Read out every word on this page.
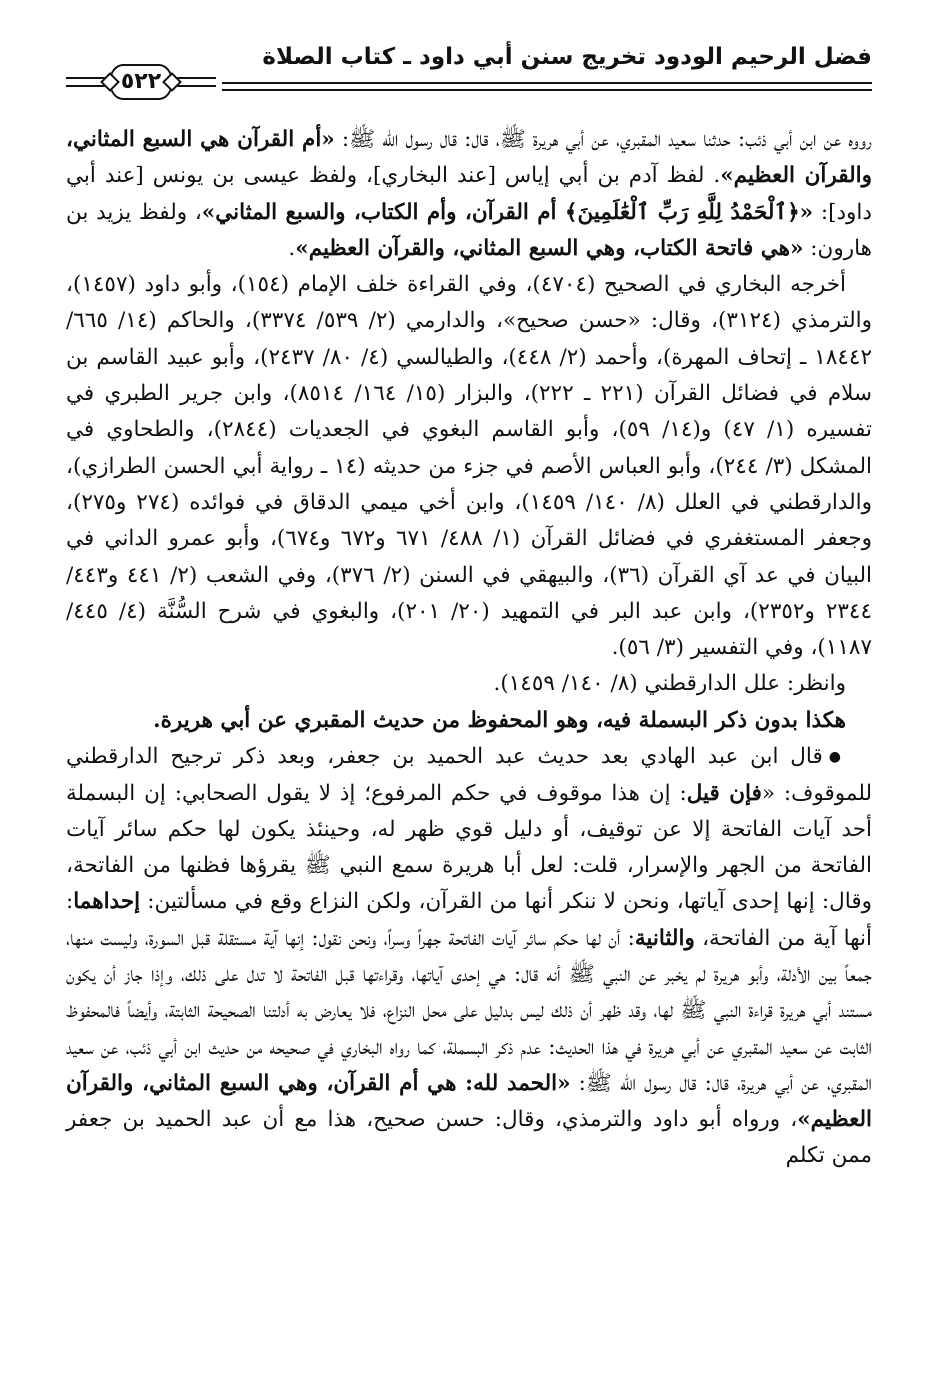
فضل الرحيم الودود تخريج سنن أبي داود ـ كتاب الصلاة
٥٢٢

رووه عن ابن أبي ذئب: حدثنا سعيد المقبري، عن أبي هريرة ﷺ، قال: قال رسول الله ﷺ: «أم القرآن هي السبع المثاني، والقرآن العظيم». لفظ آدم بن أبي إياس [عند البخاري]، ولفظ عيسى بن يونس [عند أبي داود]: «﴿ٱلْحَمْدُ لِلَّهِ رَبِّ ٱلْعَٰلَمِينَ﴾ أم القرآن، وأم الكتاب، والسبع المثاني»، ولفظ يزيد بن هارون: «هي فاتحة الكتاب، وهي السبع المثاني، والقرآن العظيم».

أخرجه البخاري في الصحيح (٤٧٠٤)، وفي القراءة خلف الإمام (١٥٤)، وأبو داود (١٤٥٧)، والترمذي (٣١٢٤)، وقال: «حسن صحيح»، والدارمي (٢/ ٥٣٩/ ٣٣٧٤)، والحاكم (١٤/ ٦٦٥/ ١٨٤٤٢ ـ إتحاف المهرة)، وأحمد (٢/ ٤٤٨)، والطيالسي (٤/ ٨٠/ ٢٤٣٧)، وأبو عبيد القاسم بن سلام في فضائل القرآن (٢٢١ ـ ٢٢٢)، والبزار (١٥/ ١٦٤/ ٨٥١٤)، وابن جرير الطبري في تفسيره (١/ ٤٧) و(١٤/ ٥٩)، وأبو القاسم البغوي في الجعديات (٢٨٤٤)، والطحاوي في المشكل (٣/ ٢٤٤)، وأبو العباس الأصم في جزء من حديثه (١٤ ـ رواية أبي الحسن الطرازي)، والدارقطني في العلل (٨/ ١٤٠/ ١٤٥٩)، وابن أخي ميمي الدقاق في فوائده (٢٧٤ و٢٧٥)، وجعفر المستغفري في فضائل القرآن (١/ ٤٨٨/ ٦٧١ و٦٧٢ و٦٧٤)، وأبو عمرو الداني في البيان في عد آي القرآن (٣٦)، والبيهقي في السنن (٢/ ٣٧٦)، وفي الشعب (٢/ ٤٤١ و٤٤٣/ ٢٣٤٤ و٢٣٥٢)، وابن عبد البر في التمهيد (٢٠/ ٢٠١)، والبغوي في شرح السُّنَّة (٤/ ٤٤٥/ ١١٨٧)، وفي التفسير (٣/ ٥٦).

وانظر: علل الدارقطني (٨/ ١٤٠/ ١٤٥٩).

هكذا بدون ذكر البسملة فيه، وهو المحفوظ من حديث المقبري عن أبي هريرة.

●قال ابن عبد الهادي بعد حديث عبد الحميد بن جعفر، وبعد ذكر ترجيح الدارقطني للموقوف: «فإن قيل: إن هذا موقوف في حكم المرفوع؛ إذ لا يقول الصحابي: إن البسملة أحد آيات الفاتحة إلا عن توقيف، أو دليل قوي ظهر له، وحينئذ يكون لها حكم سائر آيات الفاتحة من الجهر والإسرار، قلت: لعل أبا هريرة سمع النبي ﷺ يقرؤها فظنها من الفاتحة، وقال: إنها إحدى آياتها، ونحن لا ننكر أنها من القرآن، ولكن النزاع وقع في مسألتين: إحداهما: أنها آية من الفاتحة، والثانية: أن لها حكم سائر آيات الفاتحة جهراً وسراً، ونحن نقول: إنها آية مستقلة قبل السورة، وليست منها، جمعاً بين الأدلة، وأبو هريرة لم يخبر عن النبي ﷺ أنه قال: هي إحدى آياتها، وقراءتها قبل الفاتحة لا تدل على ذلك، وإذا جاز أن يكون مستند أبي هريرة قراءة النبي ﷺ لها، وقد ظهر أن ذلك ليس بدليل على محل النزاع، فلا يعارض به أدلتنا الصحيحة الثابتة، وأيضاً فالمحفوظ الثابت عن سعيد المقبري عن أبي هريرة في هذا الحديث: عدم ذكر البسملة، كما رواه البخاري في صحيحه من حديث ابن أبي ذئب، عن سعيد المقبري، عن أبي هريرة، قال: قال رسول الله ﷺ: «الحمد لله: هي أم القرآن، وهي السبع المثاني، والقرآن العظيم»، ورواه أبو داود والترمذي، وقال: حسن صحيح، هذا مع أن عبد الحميد بن جعفر ممن تكلم
